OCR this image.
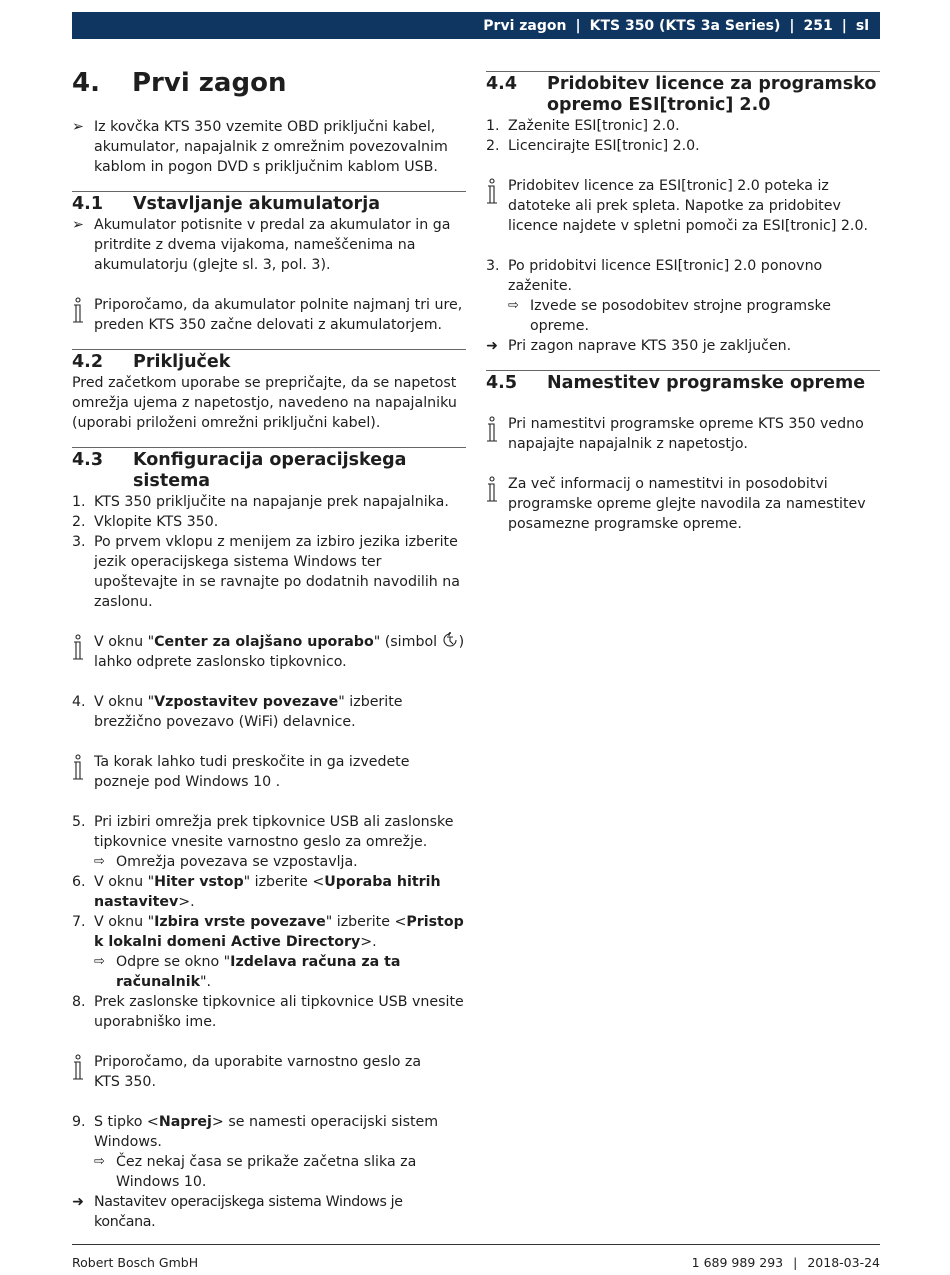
Prvi zagon | KTS 350 (KTS 3a Series) | 251 | sl
4.	Prvi zagon
➢ Iz kovčka KTS 350 vzemite OBD priključni kabel, akumulator, napajalnik z omrežnim povezovalnim kablom in pogon DVD s priključnim kablom USB.
4.1	Vstavljanje akumulatorja
➢ Akumulator potisnite v predal za akumulator in ga pritrdite z dvema vijakoma, nameščenima na akumulatorju (glejte sl. 3, pol. 3).
Priporočamo, da akumulator polnite najmanj tri ure, preden KTS 350 začne delovati z akumulatorjem.
4.2	Priključek

Pred začetkom uporabe se prepričajte, da se napetost omrežja ujema z napetostjo, navedeno na napajalniku (uporabi priloženi omrežni priključni kabel).

4.3	Konfiguracija operacijskega sistema
1. KTS 350 priključite na napajanje prek napajalnika.
2. Vklopite KTS 350.
3. Po prvem vklopu z menijem za izbiro jezika izberite jezik operacijskega sistema Windows ter upoštevajte in se ravnajte po dodatnih navodilih na zaslonu.
V oknu "Center za olajšano uporabo" (simbol ) lahko odprete zaslonsko tipkovnico.
4. V oknu "Vzpostavitev povezave" izberite brezžično povezavo (WiFi) delavnice.
Ta korak lahko tudi preskočite in ga izvedete pozneje pod Windows 10 .
5. Pri izbiri omrežja prek tipkovnice USB ali zaslonske tipkovnice vnesite varnostno geslo za omrežje.
⇨ Omrežja povezava se vzpostavlja.
6. V oknu "Hiter vstop" izberite <Uporaba hitrih nastavitev>.
7. V oknu "Izbira vrste povezave" izberite <Pristop k lokalni domeni Active Directory>.
⇨ Odpre se okno "Izdelava računa za ta računalnik".
8. Prek zaslonske tipkovnice ali tipkovnice USB vnesite uporabniško ime.
Priporočamo, da uporabite varnostno geslo za KTS 350.
9. S tipko <Naprej> se namesti operacijski sistem Windows.
⇨ Čez nekaj časa se prikaže začetna slika za Windows 10.
➜ Nastavitev operacijskega sistema Windows je končana.
4.4	Pridobitev licence za programsko opremo ESI[tronic] 2.0
1. Zaženite ESI[tronic] 2.0.
2. Licencirajte ESI[tronic] 2.0.
Pridobitev licence za ESI[tronic] 2.0 poteka iz datoteke ali prek spleta. Napotke za pridobitev licence najdete v spletni pomoči za ESI[tronic] 2.0.
3. Po pridobitvi licence ESI[tronic] 2.0 ponovno zaženite.
⇨ Izvede se posodobitev strojne programske opreme.
➜ Pri zagon naprave KTS 350 je zaključen.
4.5	Namestitev programske opreme
Pri namestitvi programske opreme KTS 350 vedno napajajte napajalnik z napetostjo.
Za več informacij o namestitvi in posodobitvi programske opreme glejte navodila za namestitev posamezne programske opreme.
Robert Bosch GmbH	1 689 989 293 | 2018-03-24
